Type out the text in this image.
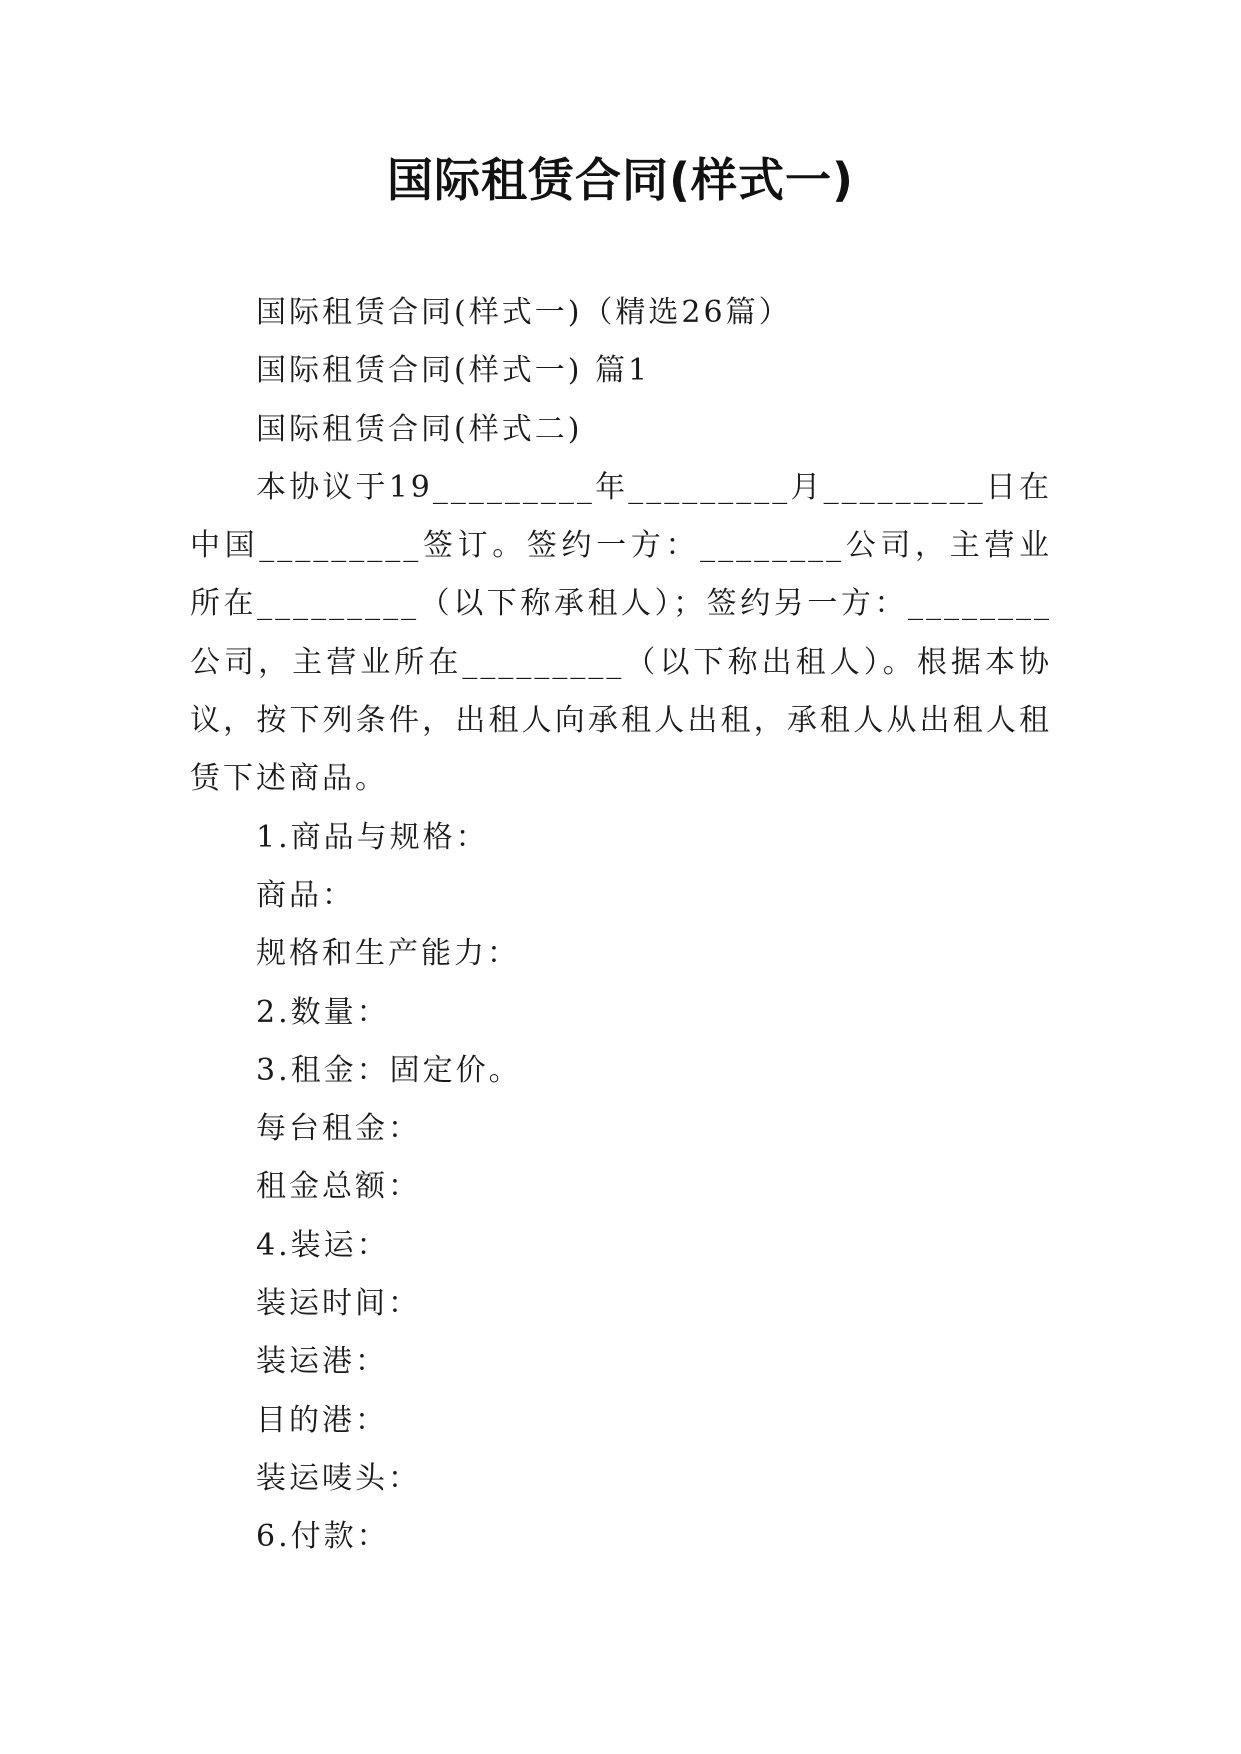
国际租赁合同(样式一)

国际租赁合同(样式一)（精选26篇）

国际租赁合同(样式一) 篇1

国际租赁合同(样式二)

本协议于19_________年_________月_________日在中国_________签订。签约一方：________公司，主营业所在_________（以下称承租人）；签约另一方：________公司，主营业所在_________（以下称出租人）。根据本协议，按下列条件，出租人向承租人出租，承租人从出租人租赁下述商品。

1.商品与规格：

商品：

规格和生产能力：

2.数量：

3.租金：固定价。

每台租金：

租金总额：

4.装运：

装运时间：

装运港：

目的港：

装运唛头：

6.付款：
